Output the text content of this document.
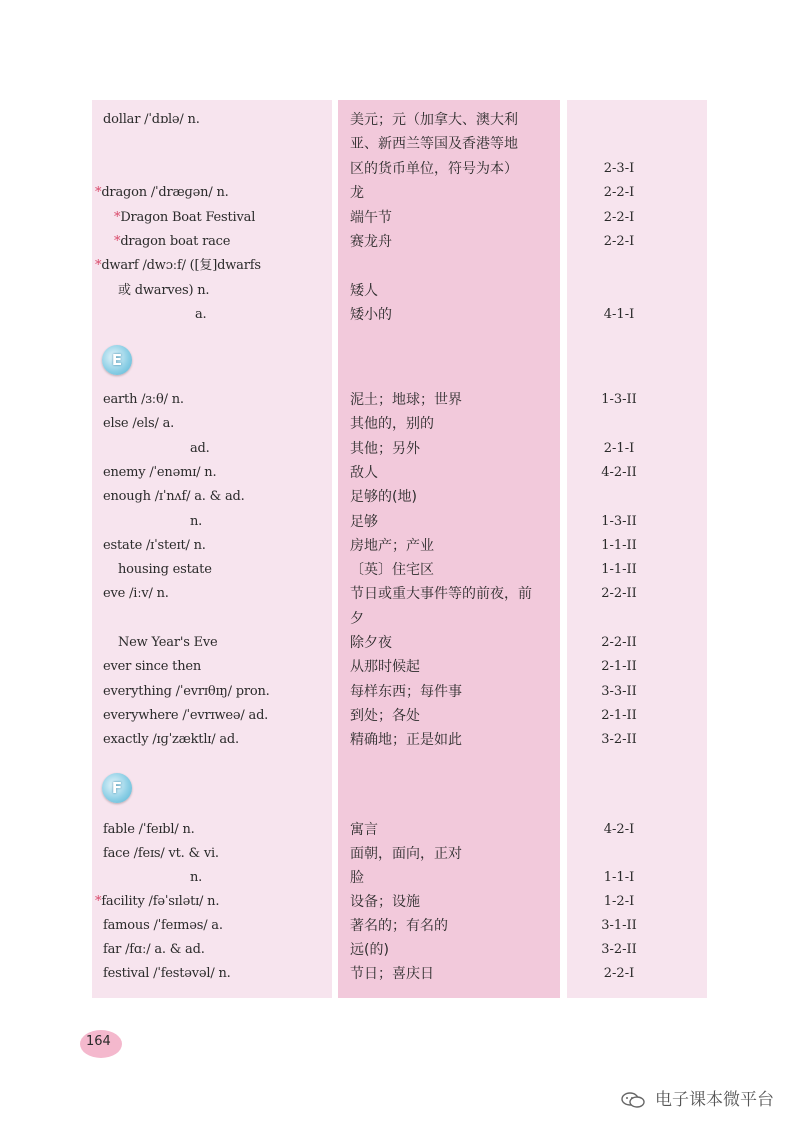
dollar /ˈdɒlə/ n.	美元；元（加拿大、澳大利
亚、新西兰等国及香港等地
区的货币单位，符号为本）	2-3-I
*dragon /ˈdræɡən/ n.	龙	2-2-I
*Dragon Boat Festival	端午节	2-2-I
*dragon boat race	赛龙舟	2-2-I
*dwarf /dwɔːf/ ([复]dwarfs
或 dwarves) n.	矮人
a.	矮小的	4-1-I
E
earth /ɜːθ/ n.	泥土；地球；世界	1-3-II
else /els/ a.	其他的，别的
ad.	其他；另外	2-1-I
enemy /ˈenəmɪ/ n.	敌人	4-2-II
enough /ɪˈnʌf/ a. & ad.	足够的(地)
n.	足够	1-3-II
estate /ɪˈsteɪt/ n.	房地产；产业	1-1-II
housing estate	〔英〕住宅区	1-1-II
eve /iːv/ n.	节日或重大事件等的前夜，前	2-2-II
夕
New Year's Eve	除夕夜	2-2-II
ever since then	从那时候起	2-1-II
everything /ˈevrɪθɪŋ/ pron.	每样东西；每件事	3-3-II
everywhere /ˈevrɪweə/ ad.	到处；各处	2-1-II
exactly /ɪɡˈzæktlɪ/ ad.	精确地；正是如此	3-2-II
F
fable /ˈfeɪbl/ n.	寓言	4-2-I
face /feɪs/ vt. & vi.	面朝，面向，正对
n.	脸	1-1-I
*facility /fəˈsɪlətɪ/ n.	设备；设施	1-2-I
famous /ˈfeɪməs/ a.	著名的；有名的	3-1-II
far /fɑː/ a. & ad.	远(的)	3-2-II
festival /ˈfestəvəl/ n.	节日；喜庆日	2-2-I
164
电子课本微平台
